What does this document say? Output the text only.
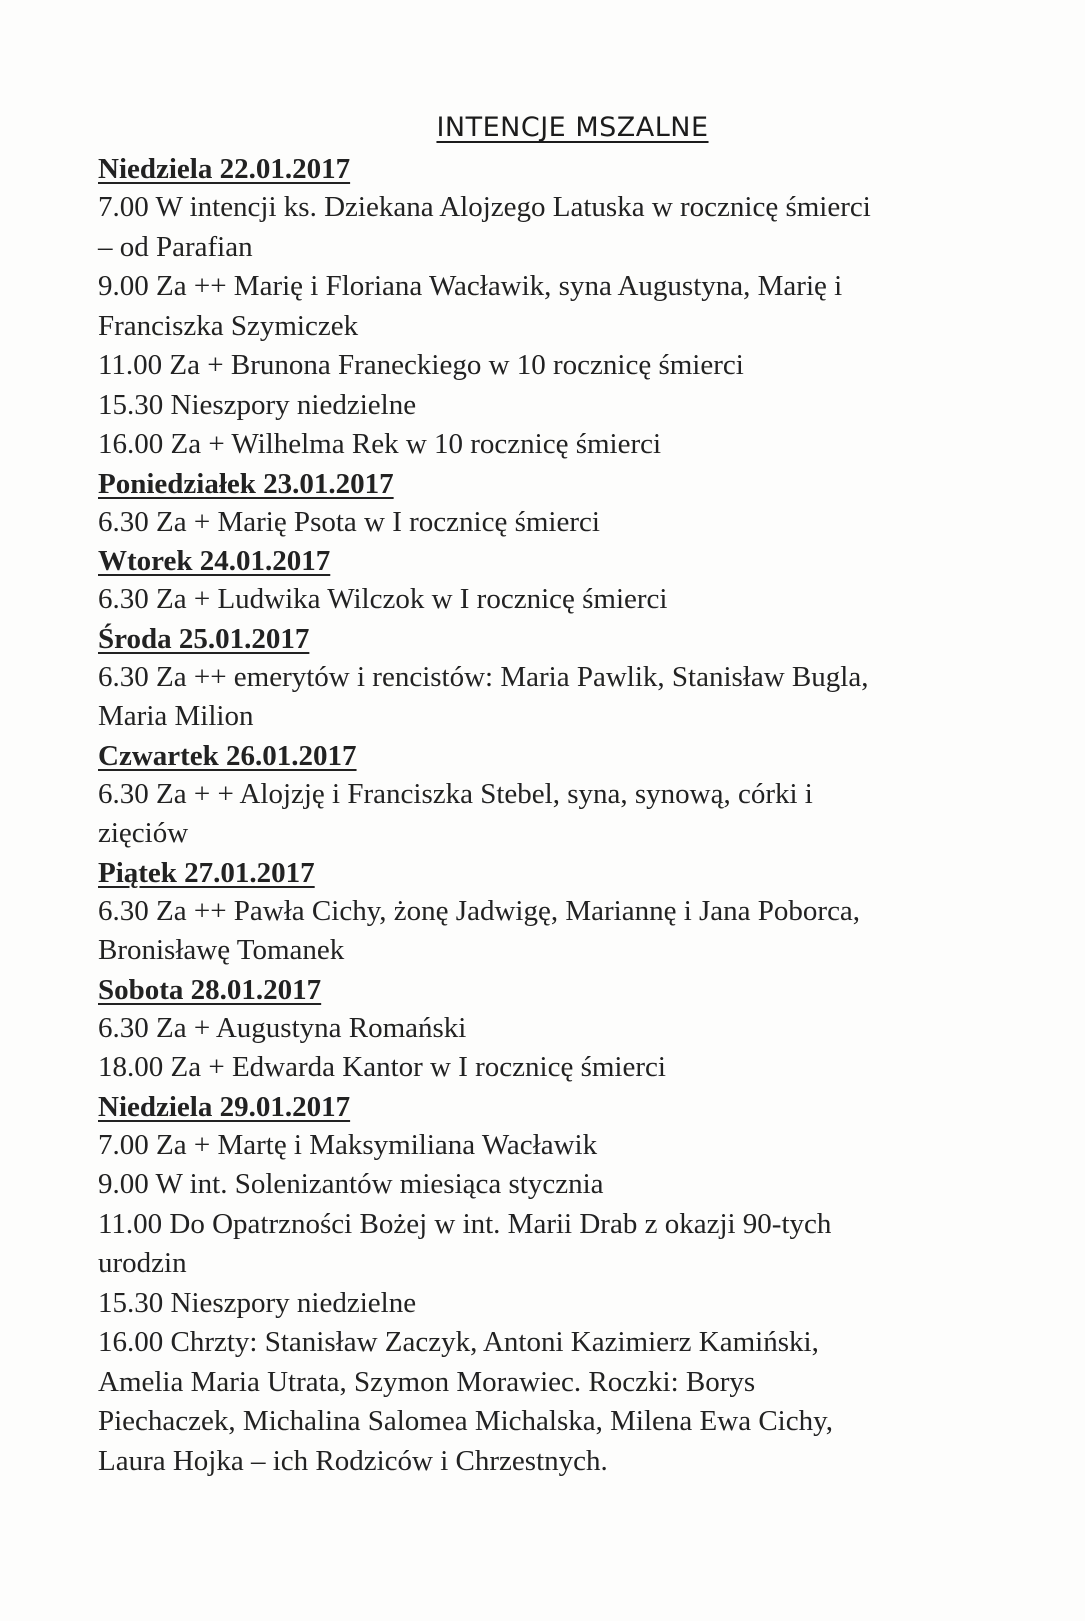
INTENCJE MSZALNE
Niedziela 22.01.2017
7.00 W intencji ks. Dziekana Alojzego Latuska w rocznicę śmierci
– od Parafian
9.00 Za ++ Marię i Floriana Wacławik, syna Augustyna, Marię i
Franciszka Szymiczek
11.00 Za + Brunona Franeckiego w 10 rocznicę śmierci
15.30 Nieszpory niedzielne
16.00 Za + Wilhelma Rek w 10 rocznicę śmierci
Poniedziałek 23.01.2017
6.30 Za + Marię Psota w I rocznicę śmierci
Wtorek 24.01.2017
6.30 Za + Ludwika Wilczok w I rocznicę śmierci
Środa 25.01.2017
6.30 Za ++ emerytów i rencistów: Maria Pawlik, Stanisław Bugla,
Maria Milion
Czwartek 26.01.2017
6.30 Za + + Alojzję i Franciszka Stebel, syna, synową, córki i
zięciów
Piątek 27.01.2017
6.30 Za ++ Pawła Cichy, żonę Jadwigę, Mariannę i Jana Poborca,
Bronisławę Tomanek
Sobota 28.01.2017
6.30 Za + Augustyna Romański
18.00 Za + Edwarda Kantor w I rocznicę śmierci
Niedziela 29.01.2017
7.00 Za + Martę i Maksymiliana Wacławik
9.00 W int. Solenizantów miesiąca stycznia
11.00 Do Opatrzności Bożej w int. Marii Drab z okazji 90-tych
urodzin
15.30 Nieszpory niedzielne
16.00 Chrzty: Stanisław Zaczyk, Antoni Kazimierz Kamiński,
Amelia Maria Utrata, Szymon Morawiec. Roczki: Borys
Piechaczek, Michalina Salomea Michalska, Milena Ewa Cichy,
Laura Hojka – ich Rodziców i Chrzestnych.
